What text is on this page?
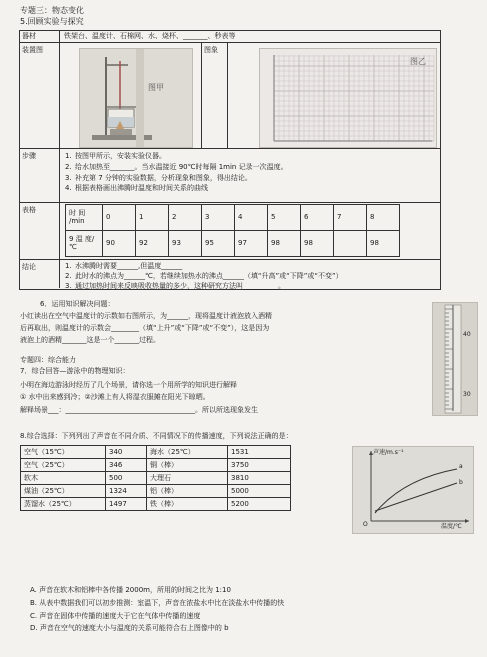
专题三：物态变化
5.回顾实验与探究
器材	铁架台、温度计、石棉网、水、烧杯、_______、秒表等
装置图	图象
图甲
图乙
步骤	1. 按图甲所示，安装实验仪器。
2. 给水加热至_______。当水温接近 90℃时每隔 1min 记录一次温度。
3. 补充第 7 分钟的实验数据，分析现象和图象，得出结论。
4. 根据表格画出沸腾时温度和时间关系的曲线
表格	时 间 /min	0	1	2	3	4	5	6	7	8
9 温 度/℃	90	92	93	95	97	98	98		98
结论	1. 水沸腾时需要______,但温度______
2. 此时水的沸点为______℃，若继续加热水的沸点______（填“升高”或“下降”或“不变”）
3. 通过加热时间来反映吸收热量的多少，这种研究方法叫__________。
6．运用知识解决问题：
小红读出在空气中温度计的示数如右图所示，为______，现将温度计液泡放入酒精
后再取出，则温度计的示数会________（填“上升”或“下降”或“不变”），这是因为
液泡上的酒精_______这是一个_______过程。
40
30
专题四：综合能力
7．综合回答—游泳中的物理知识：
小明在海边游泳时经历了几个场景，请你选一个用所学的知识进行解释
① 水中出来感到冷；②沙滩上有人将湿衣服摊在阳光下晾晒。
解释场景___：_____________________________________。所以所选现象发生
8.综合选择：下列列出了声音在不同介质、不同情况下的传播速度，下列说法正确的是：
空气（15℃）	340	海水（25℃）	1531
空气（25℃）	346	铜（棒）	3750
软木	500	大理石	3810
煤油（25℃）	1324	铝（棒）	5000
蒸馏水（25℃）	1497	铁（棒）	5200
声速/m.s⁻¹
温度/℃
O
a
b
A. 声音在软木和铝棒中各传播 2000m，所用的时间之比为 1:10
B. 从表中数据我们可以初步推测：室温下，声音在浓盐水中比在淡盐水中传播的快
C. 声音在固体中传播的速度大于它在气体中传播的速度
D. 声音在空气的速度大小与温度的关系可能符合右上图像中的 b
